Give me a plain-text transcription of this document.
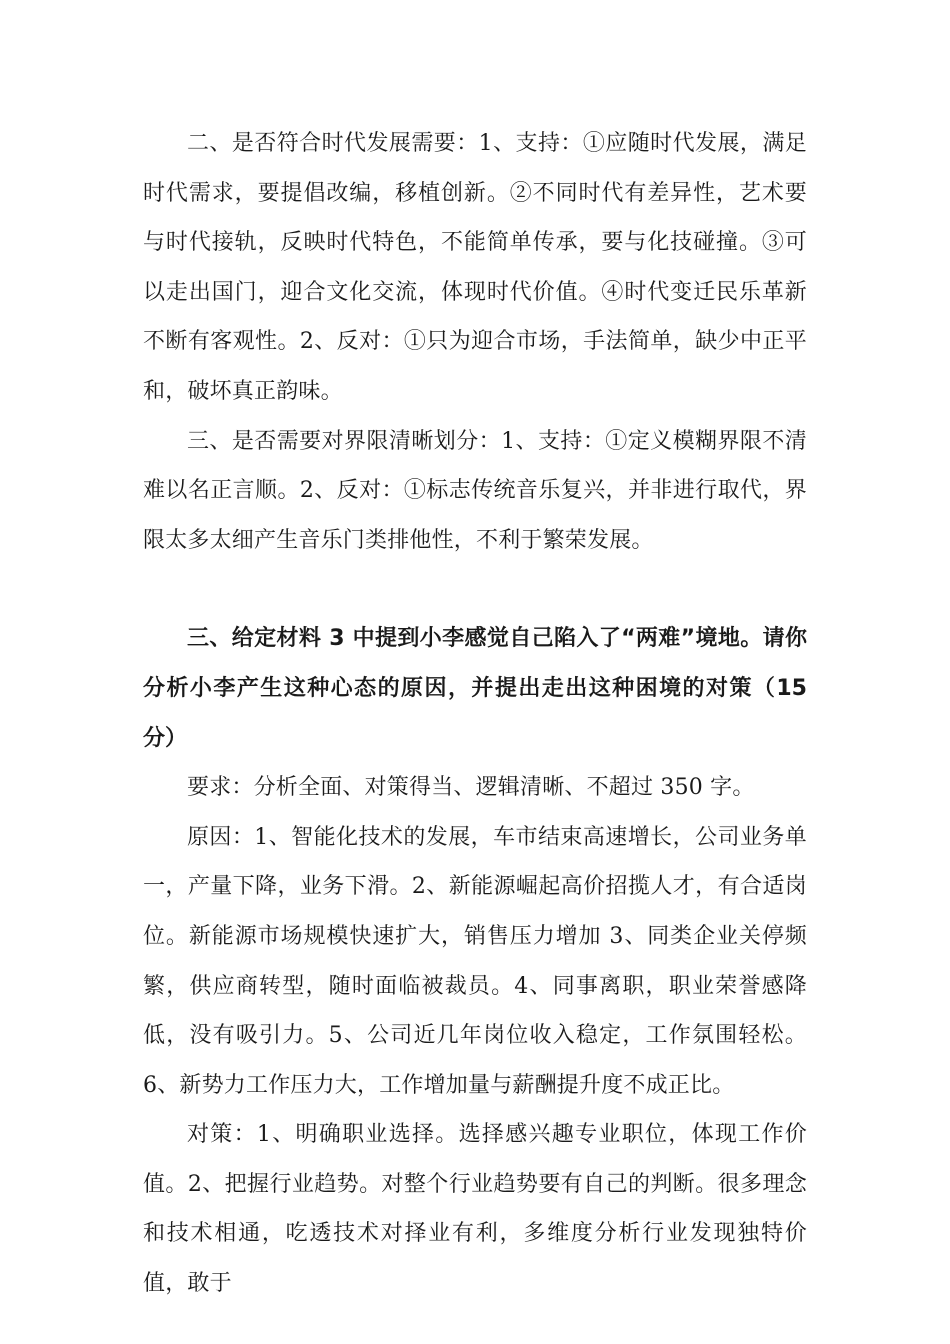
二、是否符合时代发展需要：1、支持：①应随时代发展，满足时代需求，要提倡改编，移植创新。②不同时代有差异性，艺术要与时代接轨，反映时代特色，不能简单传承，要与化技碰撞。③可以走出国门，迎合文化交流，体现时代价值。④时代变迁民乐革新不断有客观性。2、反对：①只为迎合市场，手法简单，缺少中正平和，破坏真正韵味。

三、是否需要对界限清晰划分：1、支持：①定义模糊界限不清难以名正言顺。2、反对：①标志传统音乐复兴，并非进行取代，界限太多太细产生音乐门类排他性，不利于繁荣发展。

三、给定材料 3 中提到小李感觉自己陷入了“两难”境地。请你分析小李产生这种心态的原因，并提出走出这种困境的对策（15 分）

要求：分析全面、对策得当、逻辑清晰、不超过 350 字。

原因：1、智能化技术的发展，车市结束高速增长，公司业务单一，产量下降，业务下滑。2、新能源崛起高价招揽人才，有合适岗位。新能源市场规模快速扩大，销售压力增加 3、同类企业关停频繁，供应商转型，随时面临被裁员。4、同事离职，职业荣誉感降低，没有吸引力。5、公司近几年岗位收入稳定，工作氛围轻松。6、新势力工作压力大，工作增加量与薪酬提升度不成正比。

对策：1、明确职业选择。选择感兴趣专业职位，体现工作价值。2、把握行业趋势。对整个行业趋势要有自己的判断。很多理念和技术相通，吃透技术对择业有利，多维度分析行业发现独特价值，敢于
